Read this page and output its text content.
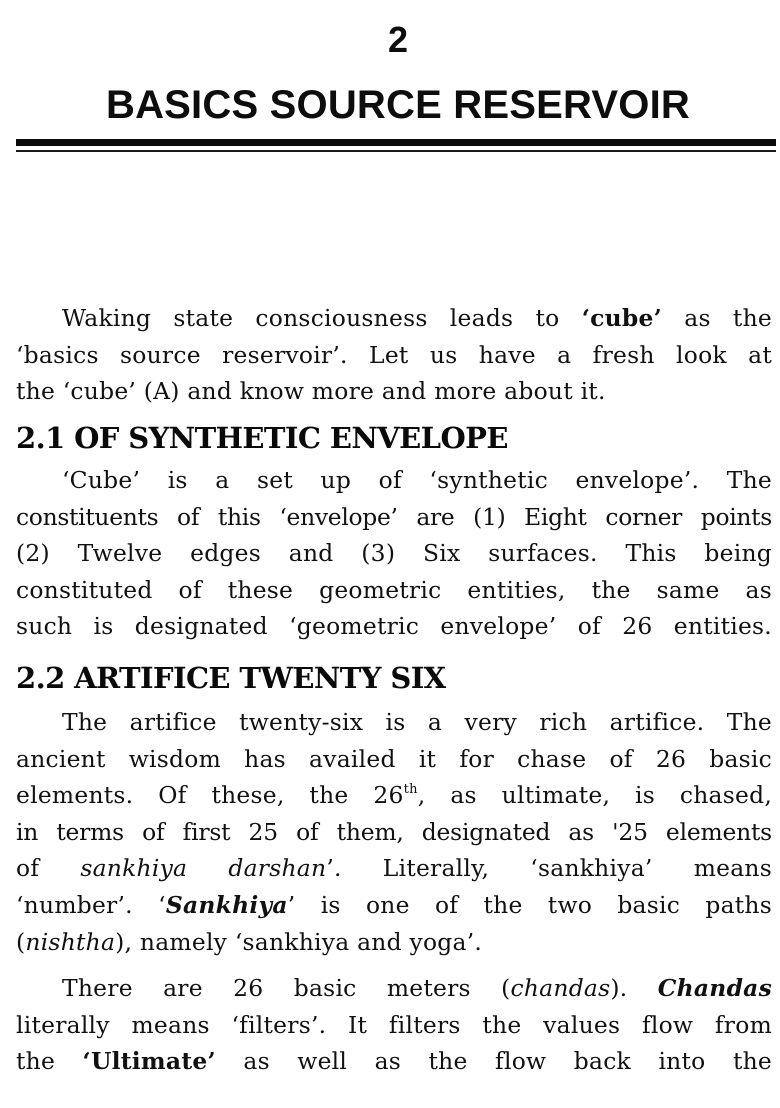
2
BASICS SOURCE RESERVOIR
Waking state consciousness leads to ‘cube’ as the
‘basics source reservoir’. Let us have a fresh look at
the ‘cube’ (A) and know more and more about it.
2.1 OF SYNTHETIC ENVELOPE
‘Cube’ is a set up of ‘synthetic envelope’. The
constituents of this ‘envelope’ are (1) Eight corner points
(2) Twelve edges and (3) Six surfaces. This being
constituted of these geometric entities, the same as
such is designated ‘geometric envelope’ of 26 entities.
2.2 ARTIFICE TWENTY SIX
The artifice twenty-six is a very rich artifice. The
ancient wisdom has availed it for chase of 26 basic
elements. Of these, the 26th, as ultimate, is chased,
in terms of first 25 of them, designated as '25 elements
of sankhiya darshan’. Literally, ‘sankhiya’ means
‘number’. ‘Sankhiya’ is one of the two basic paths
(nishtha), namely ‘sankhiya and yoga’.
There are 26 basic meters (chandas). Chandas
literally means ‘filters’. It filters the values flow from
the ‘Ultimate’ as well as the flow back into the
